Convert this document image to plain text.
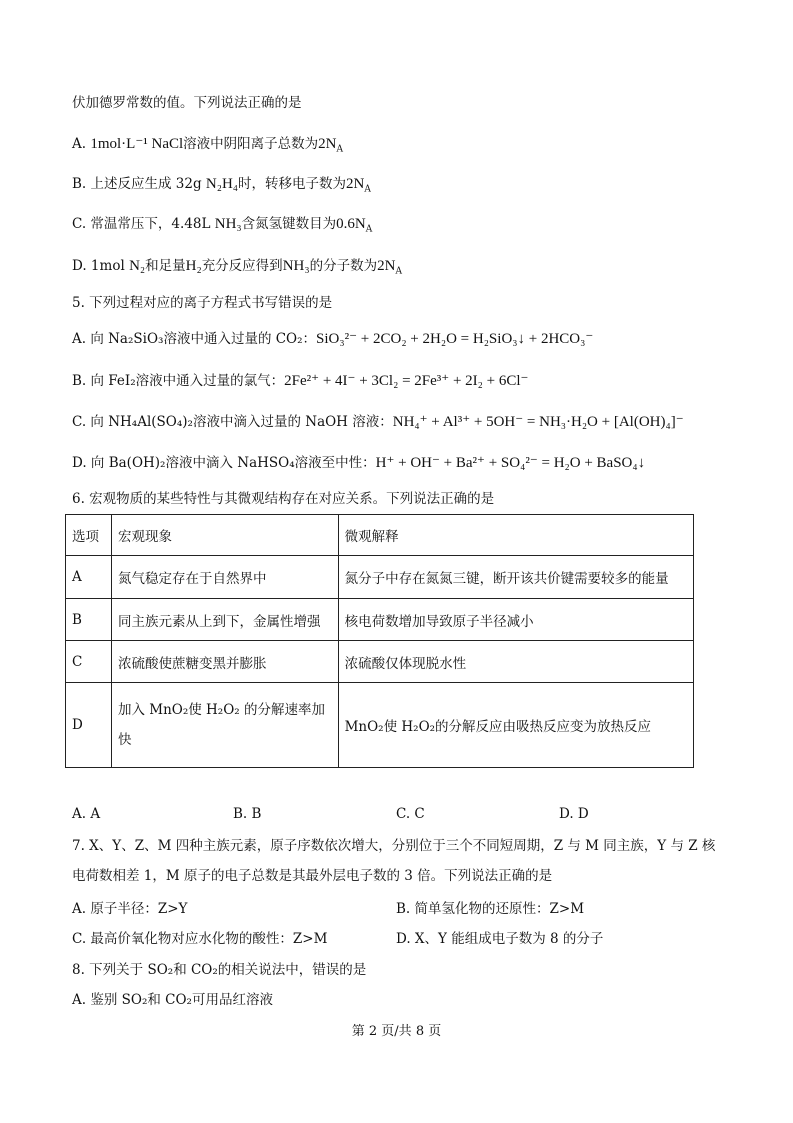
伏加德罗常数的值。下列说法正确的是
A. 1mol·L⁻¹ NaCl溶液中阴阳离子总数为$2N_A$
B. 上述反应生成 32g N₂H₄时，转移电子数为$2N_A$
C. 常温常压下，4.48L NH₃含氮氢键数目为$0.6N_A$
D. 1mol N₂和足量H₂充分反应得到NH₃的分子数为$2N_A$
5. 下列过程对应的离子方程式书写错误的是
A. 向 Na₂SiO₃溶液中通入过量的 CO₂：SiO₃²⁻ + 2CO₂ + 2H₂O = H₂SiO₃↓ + 2HCO₃⁻
B. 向 FeI₂溶液中通入过量的氯气：2Fe²⁺ + 4I⁻ + 3Cl₂ = 2Fe³⁺ + 2I₂ + 6Cl⁻
C. 向 NH₄Al(SO₄)₂溶液中滴入过量的 NaOH 溶液：NH₄⁺ + Al³⁺ + 5OH⁻ = NH₃·H₂O + [Al(OH)₄]⁻
D. 向 Ba(OH)₂溶液中滴入 NaHSO₄溶液至中性：H⁺ + OH⁻ + Ba²⁺ + SO₄²⁻ = H₂O + BaSO₄↓
6. 宏观物质的某些特性与其微观结构存在对应关系。下列说法正确的是
选项	宏观现象	微观解释
A	氮气稳定存在于自然界中	氮分子中存在氮氮三键，断开该共价键需要较多的能量
B	同主族元素从上到下，金属性增强	核电荷数增加导致原子半径减小
C	浓硫酸使蔗糖变黑并膨胀	浓硫酸仅体现脱水性
D	加入 MnO₂使 H₂O₂ 的分解速率加快	MnO₂使 H₂O₂的分解反应由吸热反应变为放热反应
A. A	B. B	C. C	D. D
7. X、Y、Z、M 四种主族元素，原子序数依次增大，分别位于三个不同短周期，Z 与 M 同主族，Y 与 Z 核
电荷数相差 1，M 原子的电子总数是其最外层电子数的 3 倍。下列说法正确的是
A. 原子半径：Z>Y	B. 简单氢化物的还原性：Z>M
C. 最高价氧化物对应水化物的酸性：Z>M	D. X、Y 能组成电子数为 8 的分子
8. 下列关于 SO₂和 CO₂的相关说法中，错误的是
A. 鉴别 SO₂和 CO₂可用品红溶液
第 2 页/共 8 页
